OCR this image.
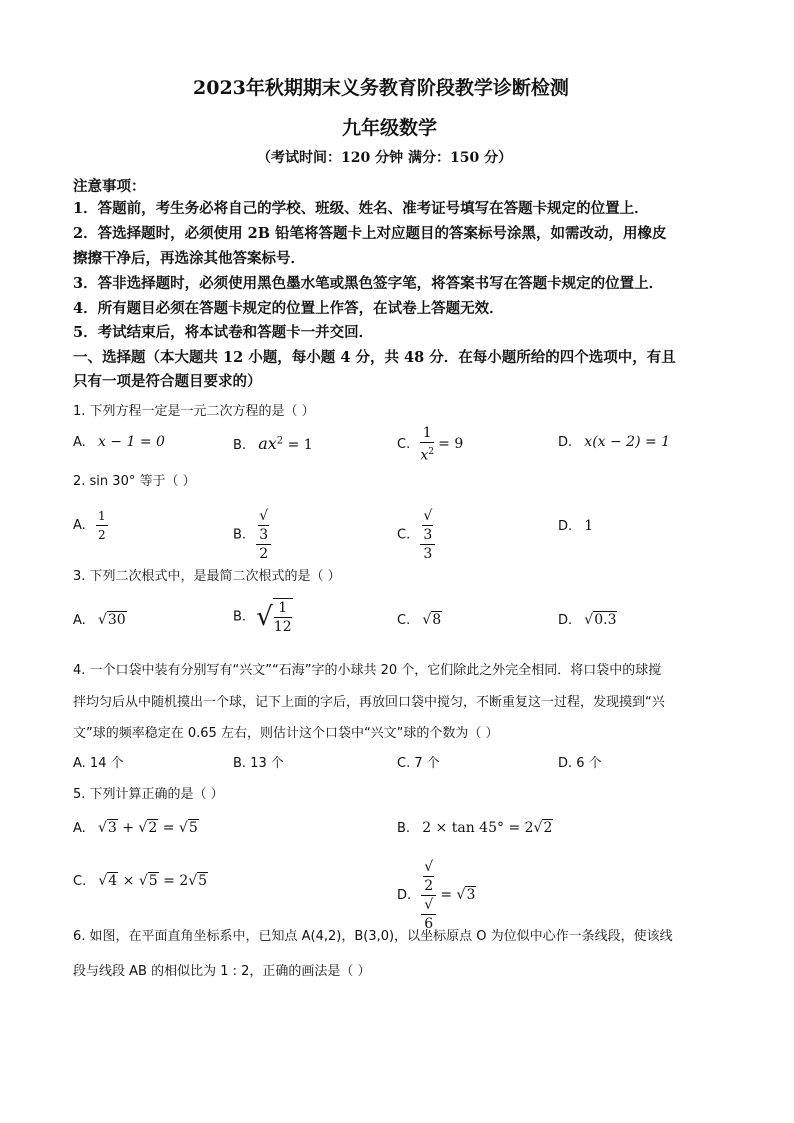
2023年秋期期末义务教育阶段教学诊断检测
九年级数学
（考试时间：120 分钟 满分：150 分）
注意事项：
1．答题前，考生务必将自己的学校、班级、姓名、准考证号填写在答题卡规定的位置上．
2．答选择题时，必须使用 2B 铅笔将答题卡上对应题目的答案标号涂黑，如需改动，用橡皮
擦擦干净后，再选涂其他答案标号．
3．答非选择题时，必须使用黑色墨水笔或黑色签字笔，将答案书写在答题卡规定的位置上．
4．所有题目必须在答题卡规定的位置上作答，在试卷上答题无效．
5．考试结束后，将本试卷和答题卡一并交回．
一、选择题（本大题共 12 小题，每小题 4 分，共 48 分．在每小题所给的四个选项中，有且
只有一项是符合题目要求的）
1. 下列方程一定是一元二次方程的是（ ）
A. x − 1 = 0	B. $ax^2 = 1$	C. $\frac{1}{x^2} = 9$	D. x(x − 2) = 1
2. sin 30° 等于（ ）
A. $\frac{1}{2}$	B. √
3
2	C. √
3
3	D. 1
3. 下列二次根式中，是最简二次根式的是（ ）
A. √30	B. √ $\frac{1}{12}$	C. √8	D. √0.3
4. 一个口袋中装有分别写有“兴文”“石海”字的小球共 20 个，它们除此之外完全相同．将口袋中的球搅
拌均匀后从中随机摸出一个球，记下上面的字后，再放回口袋中搅匀，不断重复这一过程，发现摸到“兴
文”球的频率稳定在 0.65 左右，则估计这个口袋中“兴文”球的个数为（ ）
A. 14 个	B. 13 个	C. 7 个	D. 6 个
5. 下列计算正确的是（ ）
A. √3 + √2 = √5	B. 2 × tan 45° = 2√2
C. √4 × √5 = 2√5
D. √
2
√
6 = √3
6. 如图，在平面直角坐标系中，已知点 A(4,2)，B(3,0)，以坐标原点 O 为位似中心作一条线段，使该线
段与线段 AB 的相似比为 1 : 2，正确的画法是（ ）
